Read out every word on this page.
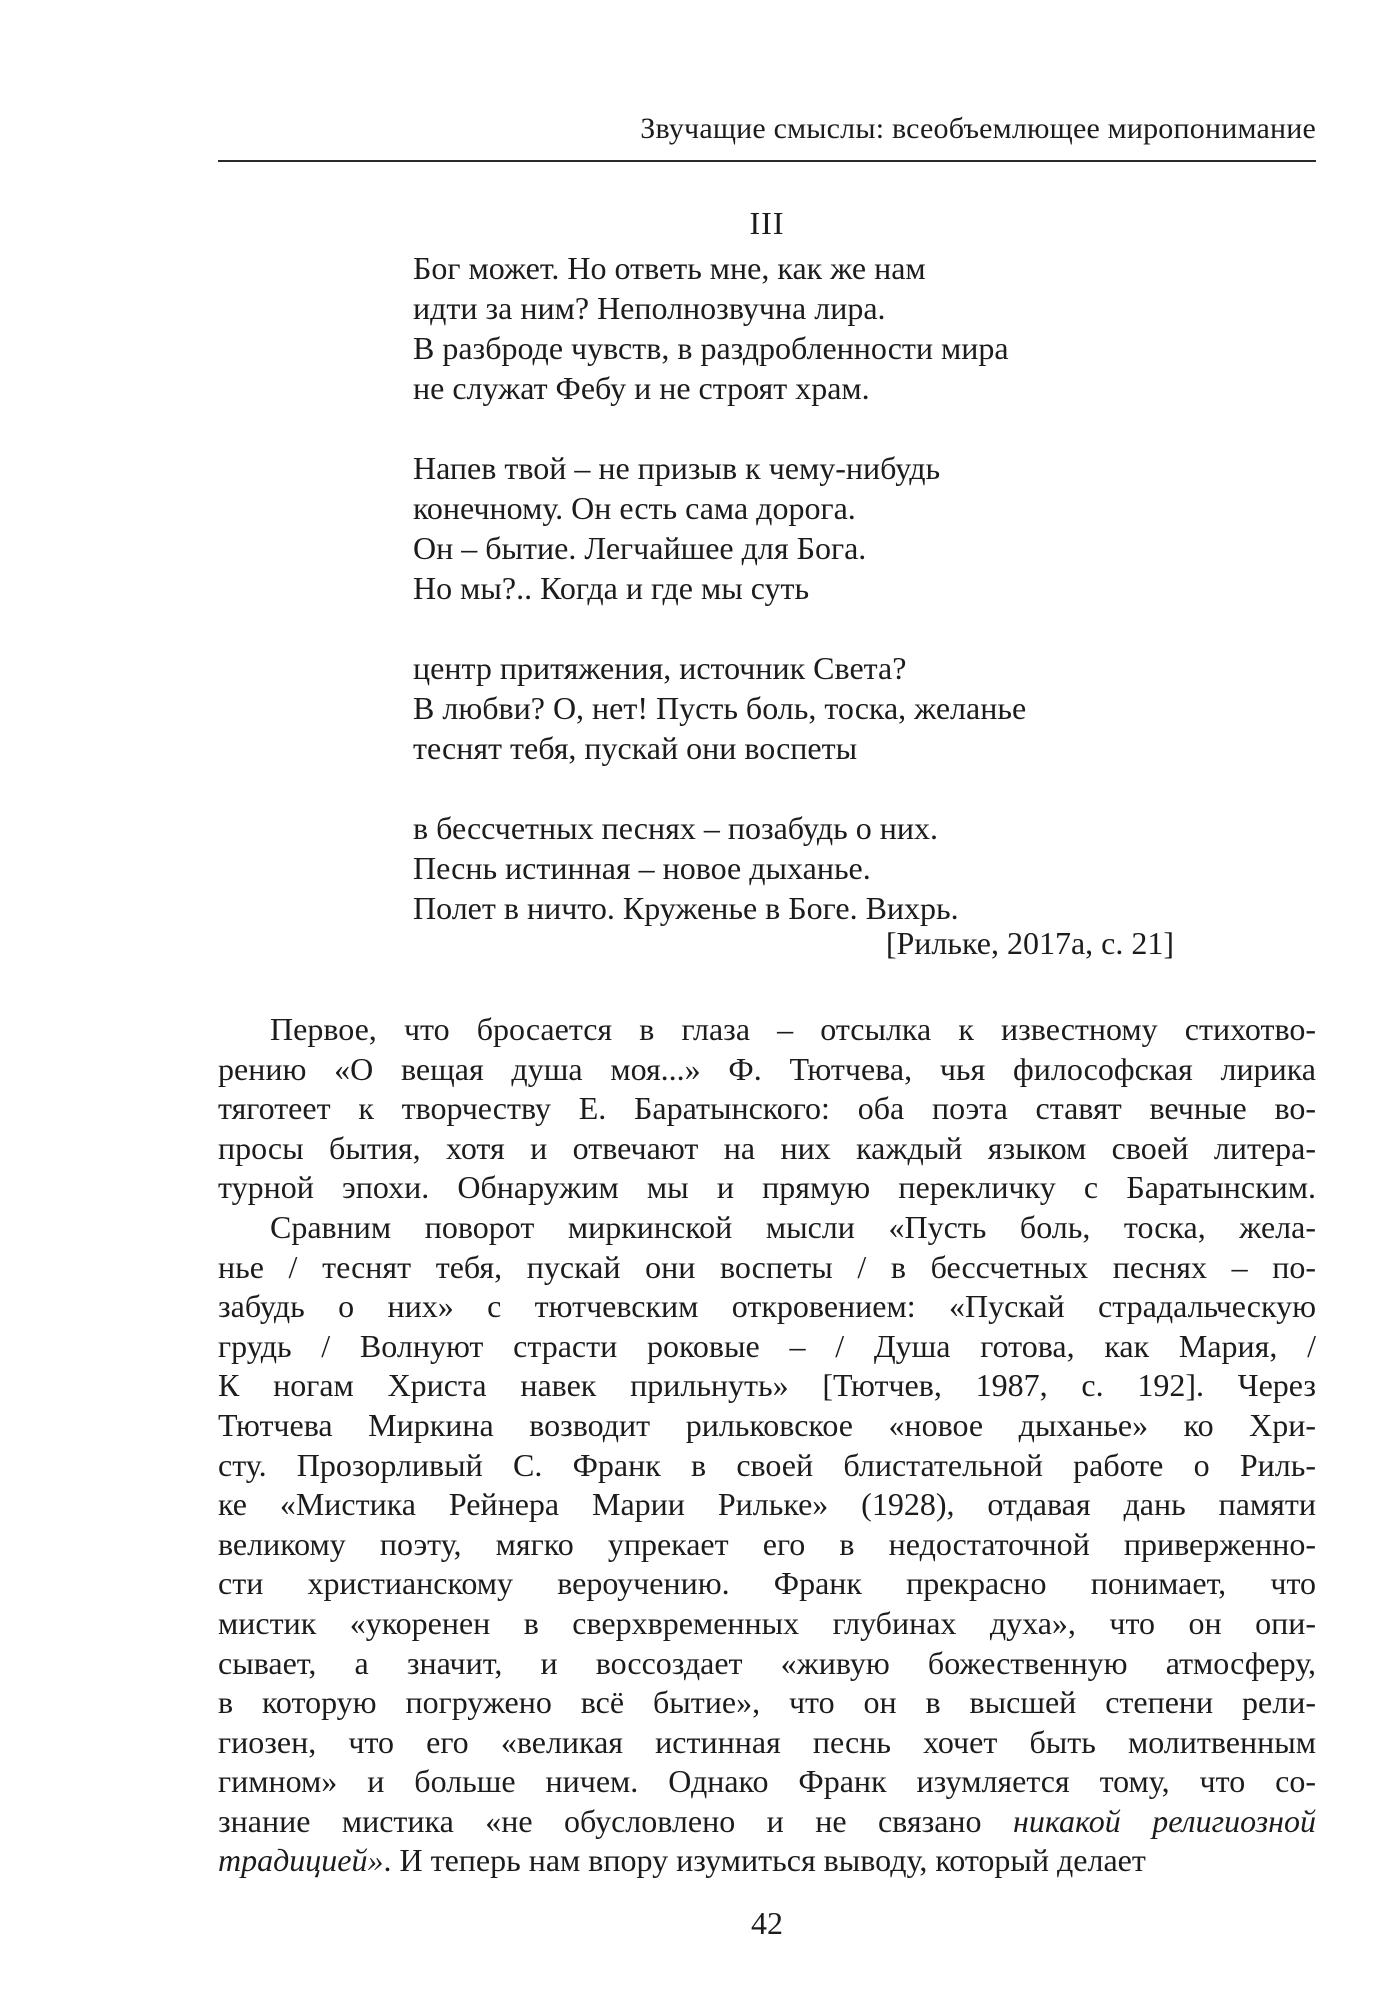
Звучащие смыслы: всеобъемлющее миропонимание
III
Бог может. Но ответь мне, как же нам
идти за ним? Неполнозвучна лира.
В разброде чувств, в раздробленности мира
не служат Фебу и не строят храм.
Напев твой – не призыв к чему-нибудь
конечному. Он есть сама дорога.
Он – бытие. Легчайшее для Бога.
Но мы?.. Когда и где мы суть
центр притяжения, источник Света?
В любви? О, нет! Пусть боль, тоска, желанье
теснят тебя, пускай они воспеты
в бессчетных песнях – позабудь о них.
Песнь истинная – новое дыханье.
Полет в ничто. Круженье в Боге. Вихрь.
[Рильке, 2017a, с. 21]
Первое, что бросается в глаза – отсылка к известному стихотво-
рению «О вещая душа моя...» Ф. Тютчева, чья философская лирика
тяготеет к творчеству Е. Баратынского: оба поэта ставят вечные во-
просы бытия, хотя и отвечают на них каждый языком своей литера-
турной эпохи. Обнаружим мы и прямую перекличку с Баратынским.
Сравним поворот миркинской мысли «Пусть боль, тоска, жела-
нье / теснят тебя, пускай они воспеты / в бессчетных песнях – по-
забудь о них» с тютчевским откровением: «Пускай страдальческую
грудь / Волнуют страсти роковые – / Душа готова, как Мария, /
К ногам Христа навек прильнуть» [Тютчев, 1987, с. 192]. Через
Тютчева Миркина возводит рильковское «новое дыханье» ко Хри-
сту. Прозорливый С. Франк в своей блистательной работе о Риль-
ке «Мистика Рейнера Марии Рильке» (1928), отдавая дань памяти
великому поэту, мягко упрекает его в недостаточной приверженно-
сти христианскому вероучению. Франк прекрасно понимает, что
мистик «укоренен в сверхвременных глубинах духа», что он опи-
сывает, а значит, и воссоздает «живую божественную атмосферу,
в которую погружено всё бытие», что он в высшей степени рели-
гиозен, что его «великая истинная песнь хочет быть молитвенным
гимном» и больше ничем. Однако Франк изумляется тому, что со-
знание мистика «не обусловлено и не связано никакой религиозной
традицией». И теперь нам впору изумиться выводу, который делает
42
